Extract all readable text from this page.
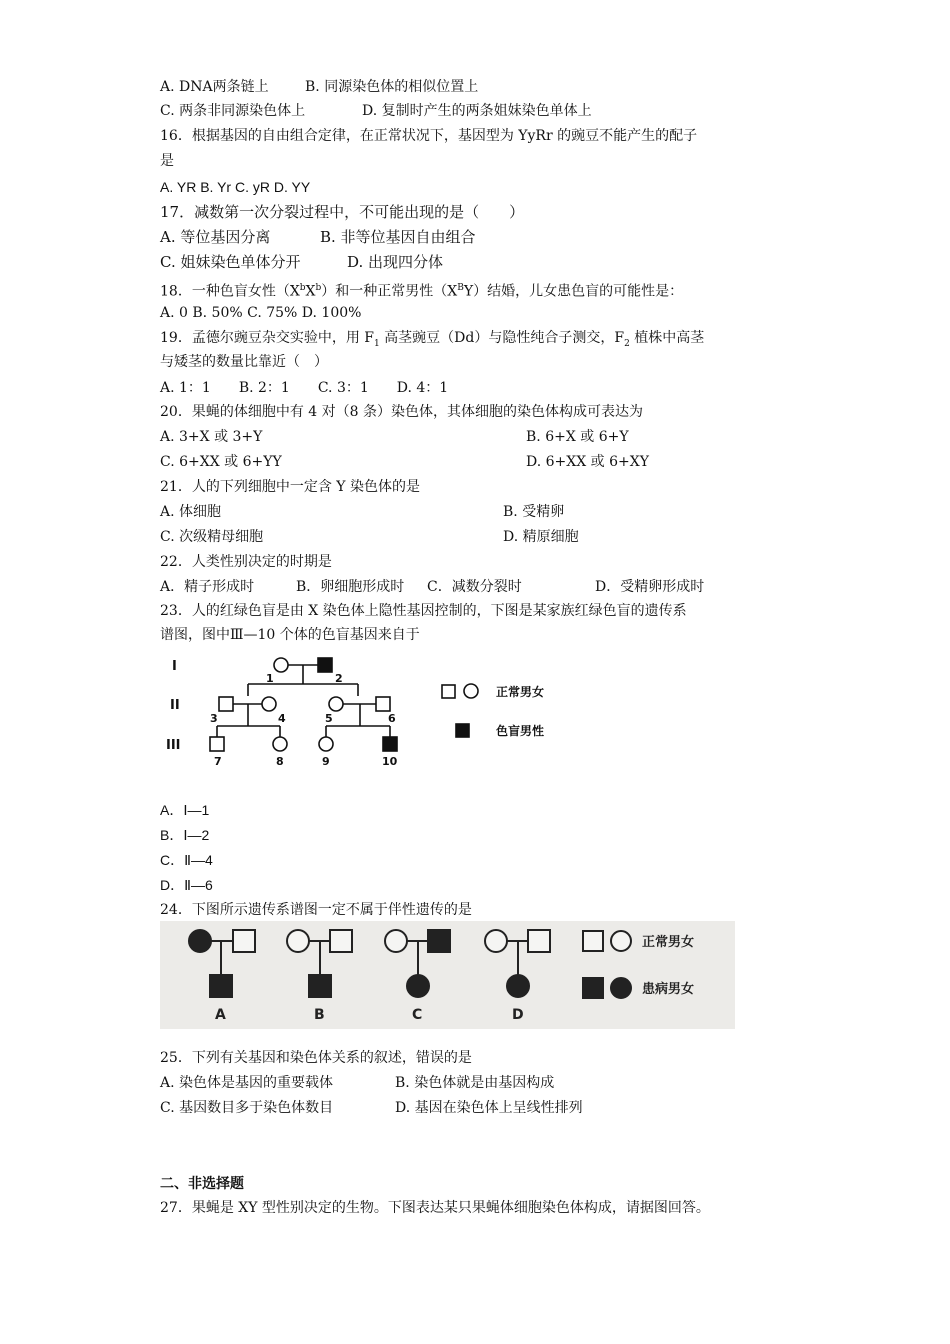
A. DNA两条链上	B. 同源染色体的相似位置上
C. 两条非同源染色体上	D. 复制时产生的两条姐妹染色单体上
16．根据基因的自由组合定律，在正常状况下，基因型为 YyRr 的豌豆不能产生的配子
是
A. YR B. Yr C. yR D. YY
17．减数第一次分裂过程中，不可能出现的是（　　）
A. 等位基因分离	B. 非等位基因自由组合
C. 姐妹染色单体分开	D. 出现四分体
18．一种色盲女性$(X^bX^b)$和一种正常男性$(X^BY)$结婚，儿女患色盲的可能性是：
A. 0 B. 50% C. 75% D. 100%
19．孟德尔豌豆杂交实验中，用 $F_1$ 高茎豌豆（Dd）与隐性纯合子测交，$F_2$ 植株中高茎
与矮茎的数量比靠近（　）
A. 1：1　　B. 2：1　　C. 3：1　　D. 4：1
20．果蝇的体细胞中有 4 对（8 条）染色体，其体细胞的染色体构成可表达为
A. 3+X 或 3+Y	B. 6+X 或 6+Y
C. 6+XX 或 6+YY	D. 6+XX 或 6+XY
21．人的下列细胞中一定含 Y 染色体的是
A. 体细胞	B. 受精卵
C. 次级精母细胞	D. 精原细胞
22．人类性别决定的时期是
A．精子形成时	B．卵细胞形成时 C．减数分裂时	D．受精卵形成时
23．人的红绿色盲是由 X 染色体上隐性基因控制的，下图是某家族红绿色盲的遗传系
谱图，图中Ⅲ—10 个体的色盲基因来自于
I
II
III
1	2
3	4	5	6
7	8	9	10
正常男女
色盲男性
A．Ⅰ—1
B．Ⅰ—2
C．Ⅱ—4
D．Ⅱ—6
24．下图所示遗传系谱图一定不属于伴性遗传的是
A	B	C	D
正常男女
患病男女
25．下列有关基因和染色体关系的叙述，错误的是
A. 染色体是基因的重要载体	B. 染色体就是由基因构成
C. 基因数目多于染色体数目	D. 基因在染色体上呈线性排列
二、非选择题
27．果蝇是 XY 型性别决定的生物。下图表达某只果蝇体细胞染色体构成，请据图回答。
